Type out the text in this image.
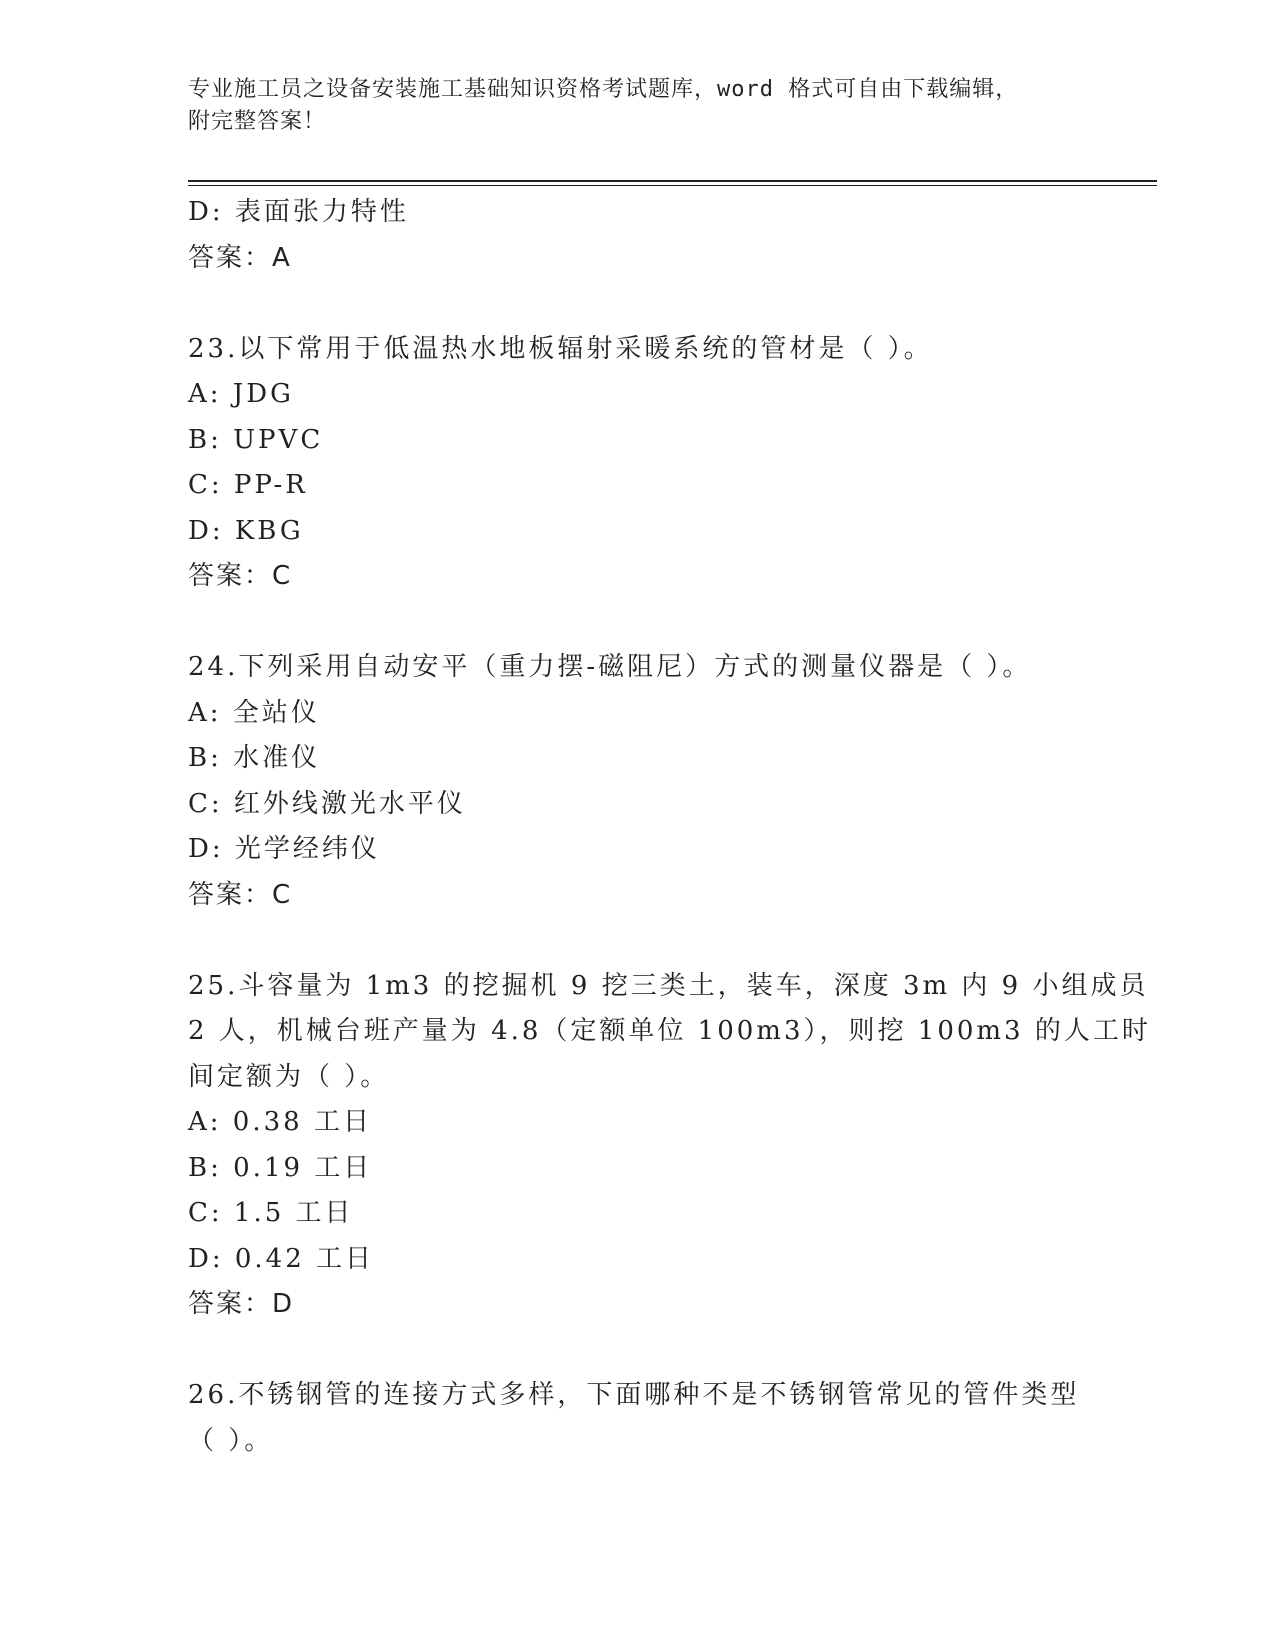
专业施工员之设备安装施工基础知识资格考试题库，word 格式可自由下载编辑，
附完整答案！
D: 表面张力特性
答案：A
23.以下常用于低温热水地板辐射采暖系统的管材是（ ）。
A: JDG
B: UPVC
C: PP-R
D: KBG
答案：C
24.下列采用自动安平（重力摆-磁阻尼）方式的测量仪器是（ ）。
A: 全站仪
B: 水准仪
C: 红外线激光水平仪
D: 光学经纬仪
答案：C
25.斗容量为 1m3 的挖掘机 9 挖三类土，装车，深度 3m 内 9 小组成员
2 人，机械台班产量为 4.8（定额单位 100m3），则挖 100m3 的人工时
间定额为（ ）。
A: 0.38 工日
B: 0.19 工日
C: 1.5 工日
D: 0.42 工日
答案：D
26.不锈钢管的连接方式多样，下面哪种不是不锈钢管常见的管件类型
（ ）。
